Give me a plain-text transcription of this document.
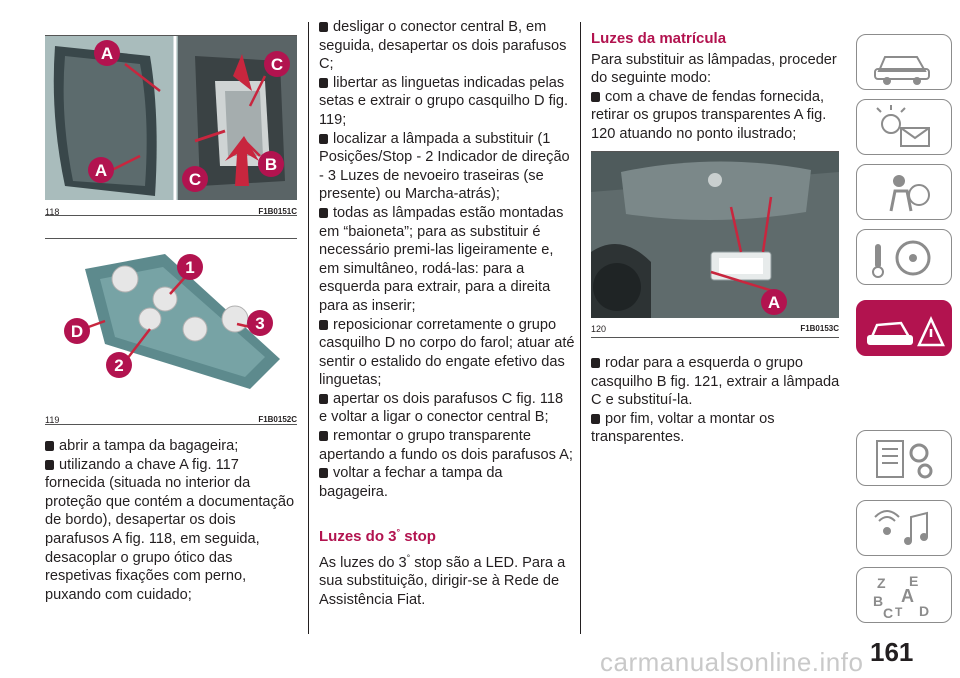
A
A
C
C
B
118	F1B0151C
1
D
2
3
119	F1B0152C
abrir a tampa da bagageira;
utilizando a chave A fig. 117 fornecida (situada no interior da proteção que contém a documentação de bordo), desapertar os dois parafusos A fig. 118, em seguida, desacoplar o grupo ótico das respetivas fixações com perno, puxando com cuidado;
desligar o conector central B, em seguida, desapertar os dois parafusos C;
libertar as linguetas indicadas pelas setas e extrair o grupo casquilho D fig. 119;
localizar a lâmpada a substituir (1 Posições/Stop - 2 Indicador de direção - 3 Luzes de nevoeiro traseiras (se presente) ou Marcha-atrás);
todas as lâmpadas estão montadas em “baioneta”; para as substituir é necessário premi-las ligeiramente e, em simultâneo, rodá-las: para a esquerda para extrair, para a direita para as inserir;
reposicionar corretamente o grupo casquilho D no corpo do farol; atuar até sentir o estalido do engate efetivo das linguetas;
apertar os dois parafusos C fig. 118 e voltar a ligar o conector central B;
remontar o grupo transparente apertando a fundo os dois parafusos A;
voltar a fechar a tampa da bagageira.
Luzes do 3° stop
As luzes do 3° stop são a LED. Para a sua substituição, dirigir-se à Rede de Assistência Fiat.
Luzes da matrícula
Para substituir as lâmpadas, proceder do seguinte modo:
com a chave de fendas fornecida, retirar os grupos transparentes A fig. 120 atuando no ponto ilustrado;
A
120	F1B0153C
rodar para a esquerda o grupo casquilho B fig. 121, extrair a lâmpada C e substituí-la.
por fim, voltar a montar os transparentes.
Z E
B A
C T D
carmanualsonline.info 161
